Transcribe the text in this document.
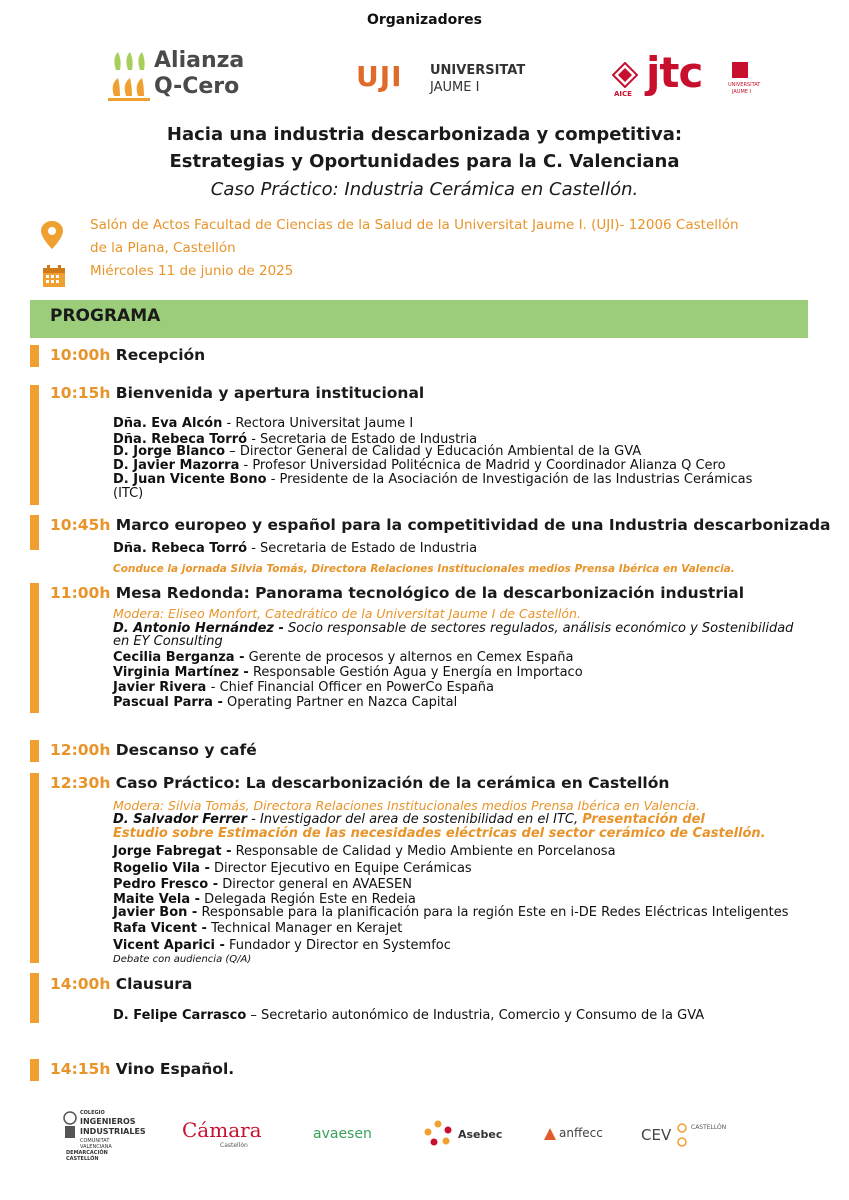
Organizadores
Alianza
Q-Cero	UJI UNIVERSITAT
JAUME I	AICE jtc	UNIVERSITAT
JAUME I
Hacia una industria descarbonizada y competitiva:
Estrategias y Oportunidades para la C. Valenciana
Caso Práctico: Industria Cerámica en Castellón.
Salón de Actos Facultad de Ciencias de la Salud de la Universitat Jaume I. (UJI)- 12006 Castellón
de la Plana, Castellón
Miércoles 11 de junio de 2025
PROGRAMA
10:00h Recepción
10:15h Bienvenida y apertura institucional
Dña. Eva Alcón - Rectora Universitat Jaume I
Dña. Rebeca Torró - Secretaria de Estado de Industria
D. Jorge Blanco – Director General de Calidad y Educación Ambiental de la GVA
D. Javier Mazorra - Profesor Universidad Politécnica de Madrid y Coordinador Alianza Q Cero
D. Juan Vicente Bono - Presidente de la Asociación de Investigación de las Industrias Cerámicas
(ITC)
10:45h Marco europeo y español para la competitividad de una Industria descarbonizada
Dña. Rebeca Torró - Secretaria de Estado de Industria
Conduce la jornada Silvia Tomás, Directora Relaciones Institucionales medios Prensa Ibérica en Valencia.
11:00h Mesa Redonda: Panorama tecnológico de la descarbonización industrial
Modera: Eliseo Monfort, Catedrático de la Universitat Jaume I de Castellón.
D. Antonio Hernández - Socio responsable de sectores regulados, análisis económico y Sostenibilidad
en EY Consulting
Cecilia Berganza - Gerente de procesos y alternos en Cemex España
Virginia Martínez - Responsable Gestión Agua y Energía en Importaco
Javier Rivera - Chief Financial Officer en PowerCo España
Pascual Parra - Operating Partner en Nazca Capital
12:00h Descanso y café
12:30h Caso Práctico: La descarbonización de la cerámica en Castellón
Modera: Silvia Tomás, Directora Relaciones Institucionales medios Prensa Ibérica en Valencia.
D. Salvador Ferrer - Investigador del area de sostenibilidad en el ITC, Presentación del
Estudio sobre Estimación de las necesidades eléctricas del sector cerámico de Castellón.
Jorge Fabregat - Responsable de Calidad y Medio Ambiente en Porcelanosa
Rogelio Vila - Director Ejecutivo en Equipe Cerámicas
Pedro Fresco - Director general en AVAESEN
Maite Vela - Delegada Región Este en Redeia
Javier Bon - Responsable para la planificación para la región Este en i-DE Redes Eléctricas Inteligentes
Rafa Vicent - Technical Manager en Kerajet
Vicent Aparici - Fundador y Director en Systemfoc
Debate con audiencia (Q/A)
14:00h Clausura
D. Felipe Carrasco – Secretario autonómico de Industria, Comercio y Consumo de la GVA
14:15h Vino Español.
COLEGIO
INGENIEROS
INDUSTRIALES
COMUNITAT VALENCIANA
DEMARCACIÓN CASTELLÓN
Cámara
Castellón
avaesen	Asebec	anffecc	CEV	CASTELLÓN
